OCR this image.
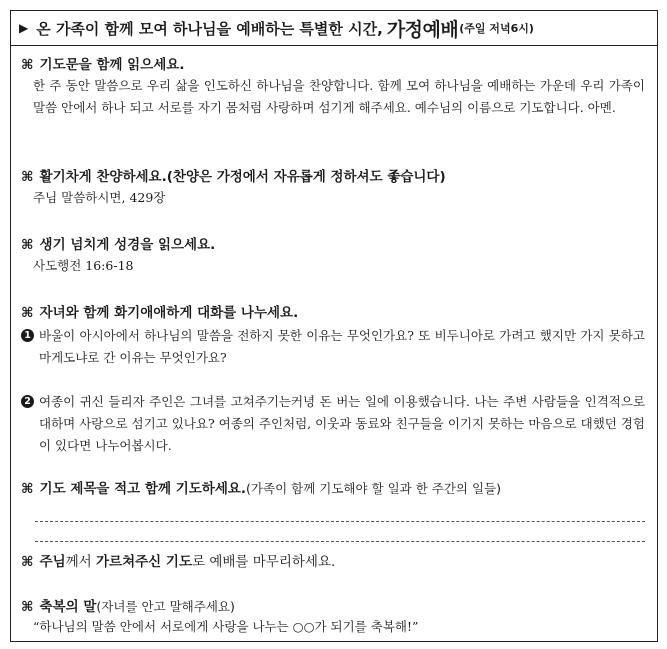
▶ 온 가족이 함께 모여 하나님을 예배하는 특별한 시간, 가정예배 (주일 저녁6시)
⌘ 기도문을 함께 읽으세요.
한 주 동안 말씀으로 우리 삶을 인도하신 하나님을 찬양합니다. 함께 모여 하나님을 예배하는 가운데 우리 가족이 말씀 안에서 하나 되고 서로를 자기 몸처럼 사랑하며 섬기게 해주세요. 예수님의 이름으로 기도합니다. 아멘.
⌘ 활기차게 찬양하세요.(찬양은 가정에서 자유롭게 정하셔도 좋습니다)
주님 말씀하시면, 429장
⌘ 생기 넘치게 성경을 읽으세요.
사도행전 16:6-18
⌘ 자녀와 함께 화기애애하게 대화를 나누세요.
1 바울이 아시아에서 하나님의 말씀을 전하지 못한 이유는 무엇인가요? 또 비두니아로 가려고 했지만 가지 못하고 마게도냐로 간 이유는 무엇인가요?
2 여종이 귀신 들리자 주인은 그녀를 고쳐주기는커녕 돈 버는 일에 이용했습니다. 나는 주변 사람들을 인격적으로 대하며 사랑으로 섬기고 있나요? 여종의 주인처럼, 이웃과 동료와 친구들을 이기지 못하는 마음으로 대했던 경험이 있다면 나누어봅시다.
⌘ 기도 제목을 적고 함께 기도하세요.(가족이 함께 기도해야 할 일과 한 주간의 일들)
⌘ 주님께서 가르쳐주신 기도로 예배를 마무리하세요.
⌘ 축복의 말(자녀를 안고 말해주세요)
“하나님의 말씀 안에서 서로에게 사랑을 나누는 ○○가 되기를 축복해!”
